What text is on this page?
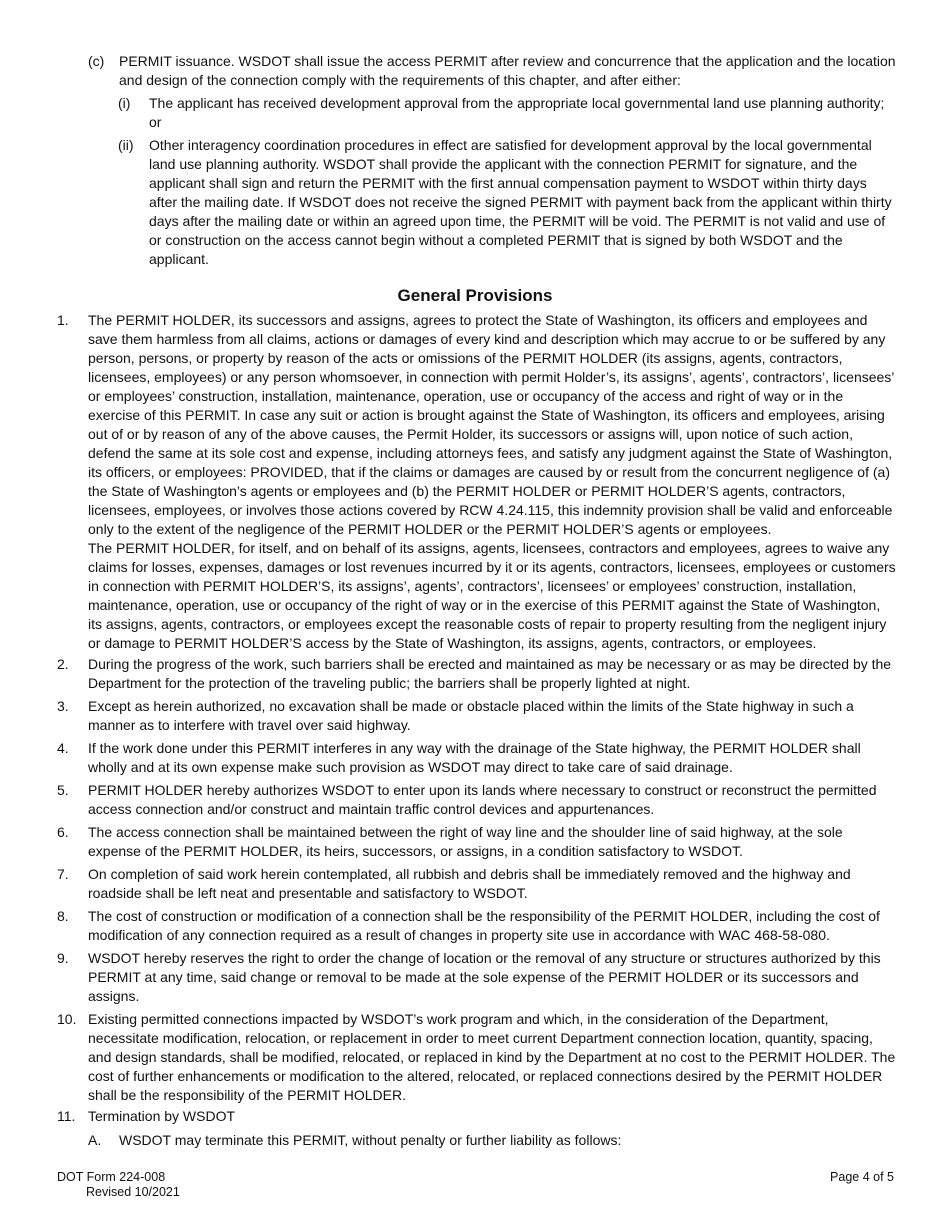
(c) PERMIT issuance. WSDOT shall issue the access PERMIT after review and concurrence that the application and the location and design of the connection comply with the requirements of this chapter, and after either:
(i) The applicant has received development approval from the appropriate local governmental land use planning authority; or
(ii) Other interagency coordination procedures in effect are satisfied for development approval by the local governmental land use planning authority. WSDOT shall provide the applicant with the connection PERMIT for signature, and the applicant shall sign and return the PERMIT with the first annual compensation payment to WSDOT within thirty days after the mailing date. If WSDOT does not receive the signed PERMIT with payment back from the applicant within thirty days after the mailing date or within an agreed upon time, the PERMIT will be void. The PERMIT is not valid and use of or construction on the access cannot begin without a completed PERMIT that is signed by both WSDOT and the applicant.
General Provisions
1. The PERMIT HOLDER, its successors and assigns, agrees to protect the State of Washington, its officers and employees and save them harmless from all claims, actions or damages of every kind and description which may accrue to or be suffered by any person, persons, or property by reason of the acts or omissions of the PERMIT HOLDER (its assigns, agents, contractors, licensees, employees) or any person whomsoever, in connection with permit Holder’s, its assigns’, agents’, contractors’, licensees’ or employees’ construction, installation, maintenance, operation, use or occupancy of the access and right of way or in the exercise of this PERMIT. In case any suit or action is brought against the State of Washington, its officers and employees, arising out of or by reason of any of the above causes, the Permit Holder, its successors or assigns will, upon notice of such action, defend the same at its sole cost and expense, including attorneys fees, and satisfy any judgment against the State of Washington, its officers, or employees: PROVIDED, that if the claims or damages are caused by or result from the concurrent negligence of (a) the State of Washington’s agents or employees and (b) the PERMIT HOLDER or PERMIT HOLDER’S agents, contractors, licensees, employees, or involves those actions covered by RCW 4.24.115, this indemnity provision shall be valid and enforceable only to the extent of the negligence of the PERMIT HOLDER or the PERMIT HOLDER’S agents or employees.
The PERMIT HOLDER, for itself, and on behalf of its assigns, agents, licensees, contractors and employees, agrees to waive any claims for losses, expenses, damages or lost revenues incurred by it or its agents, contractors, licensees, employees or customers in connection with PERMIT HOLDER’S, its assigns’, agents’, contractors’, licensees’ or employees’ construction, installation, maintenance, operation, use or occupancy of the right of way or in the exercise of this PERMIT against the State of Washington, its assigns, agents, contractors, or employees except the reasonable costs of repair to property resulting from the negligent injury or damage to PERMIT HOLDER’S access by the State of Washington, its assigns, agents, contractors, or employees.
2. During the progress of the work, such barriers shall be erected and maintained as may be necessary or as may be directed by the Department for the protection of the traveling public; the barriers shall be properly lighted at night.
3. Except as herein authorized, no excavation shall be made or obstacle placed within the limits of the State highway in such a manner as to interfere with travel over said highway.
4. If the work done under this PERMIT interferes in any way with the drainage of the State highway, the PERMIT HOLDER shall wholly and at its own expense make such provision as WSDOT may direct to take care of said drainage.
5. PERMIT HOLDER hereby authorizes WSDOT to enter upon its lands where necessary to construct or reconstruct the permitted access connection and/or construct and maintain traffic control devices and appurtenances.
6. The access connection shall be maintained between the right of way line and the shoulder line of said highway, at the sole expense of the PERMIT HOLDER, its heirs, successors, or assigns, in a condition satisfactory to WSDOT.
7. On completion of said work herein contemplated, all rubbish and debris shall be immediately removed and the highway and roadside shall be left neat and presentable and satisfactory to WSDOT.
8. The cost of construction or modification of a connection shall be the responsibility of the PERMIT HOLDER, including the cost of modification of any connection required as a result of changes in property site use in accordance with WAC 468-58-080.
9. WSDOT hereby reserves the right to order the change of location or the removal of any structure or structures authorized by this PERMIT at any time, said change or removal to be made at the sole expense of the PERMIT HOLDER or its successors and assigns.
10. Existing permitted connections impacted by WSDOT’s work program and which, in the consideration of the Department, necessitate modification, relocation, or replacement in order to meet current Department connection location, quantity, spacing, and design standards, shall be modified, relocated, or replaced in kind by the Department at no cost to the PERMIT HOLDER. The cost of further enhancements or modification to the altered, relocated, or replaced connections desired by the PERMIT HOLDER shall be the responsibility of the PERMIT HOLDER.
11. Termination by WSDOT
A. WSDOT may terminate this PERMIT, without penalty or further liability as follows:
DOT Form 224-008
Revised 10/2021
Page 4 of 5
